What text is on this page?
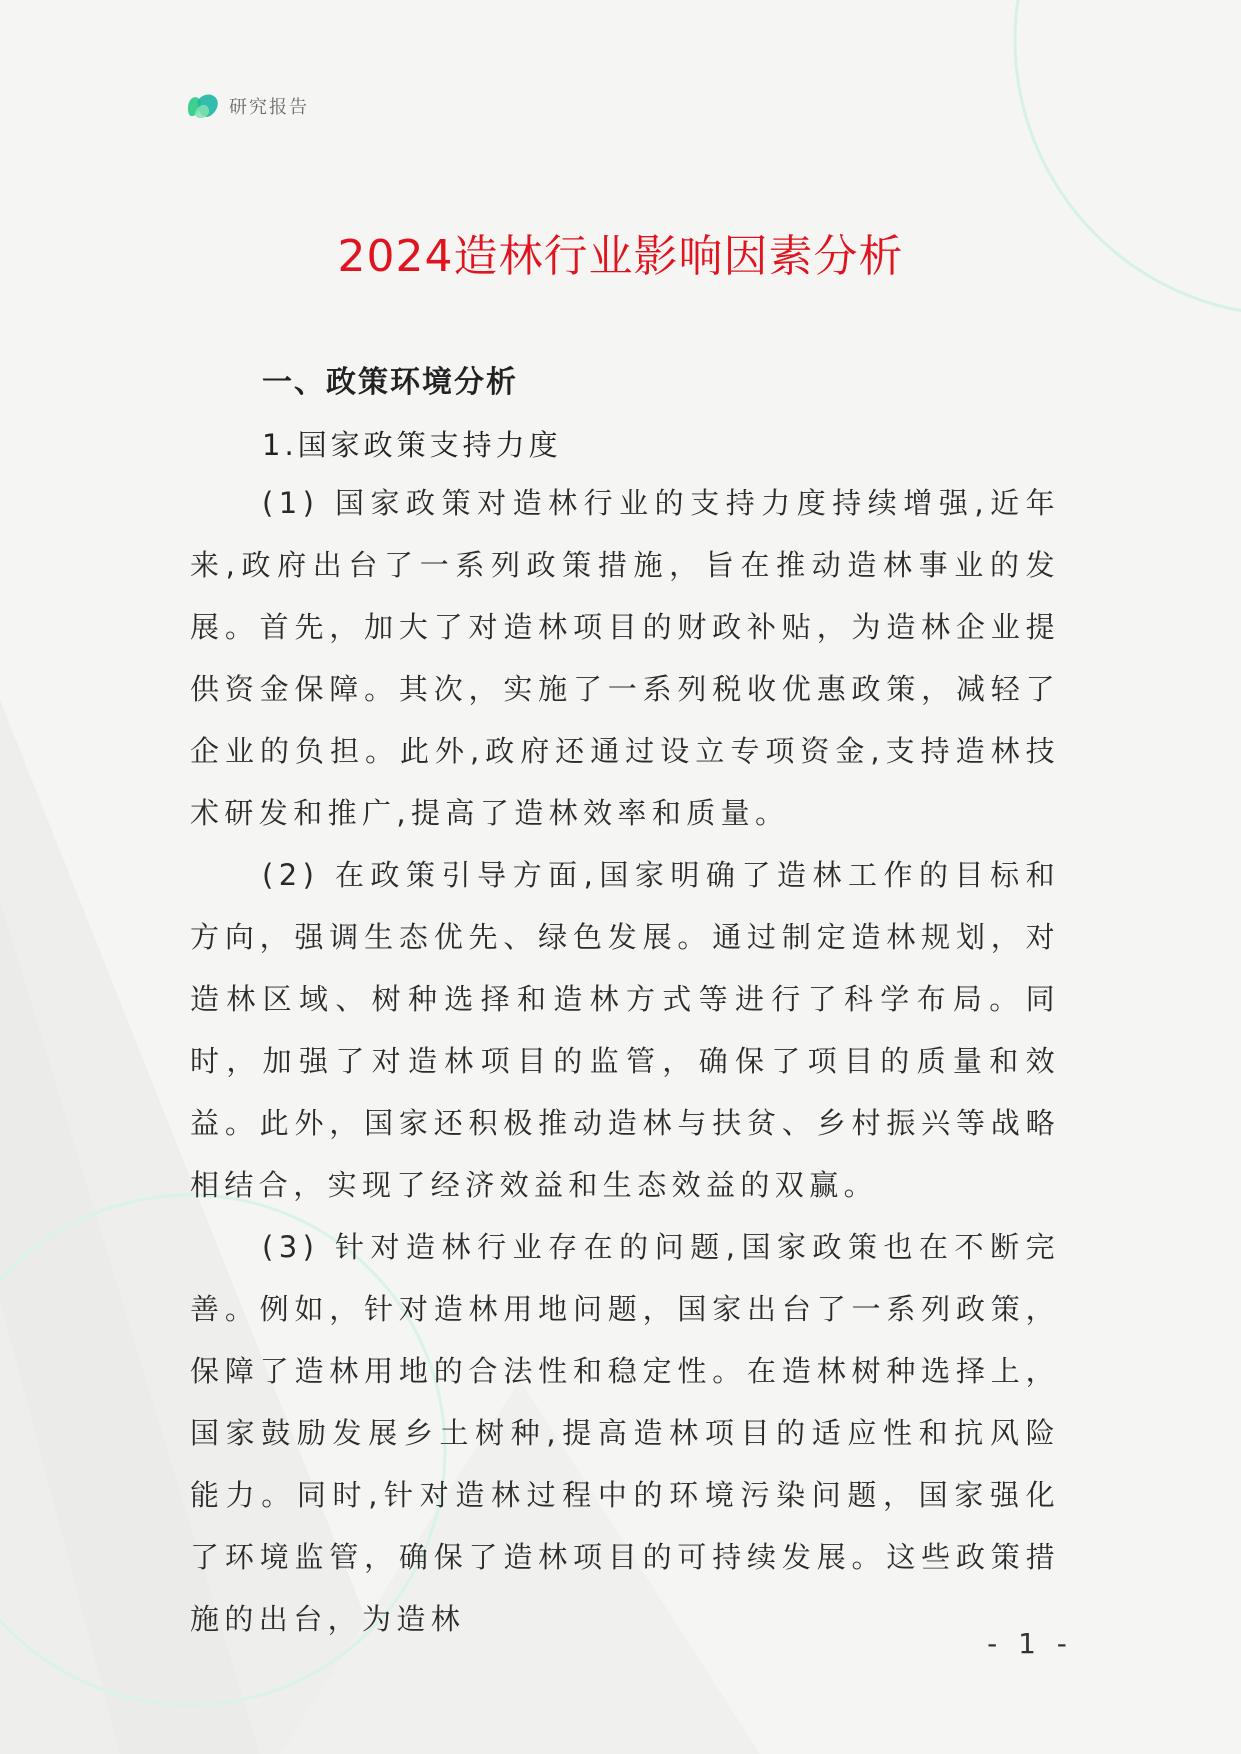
研究报告
2024造林行业影响因素分析
一、政策环境分析
1.国家政策支持力度

(1) 国家政策对造林行业的支持力度持续增强,近年来,政府出台了一系列政策措施，旨在推动造林事业的发展。首先，加大了对造林项目的财政补贴，为造林企业提供资金保障。其次，实施了一系列税收优惠政策，减轻了企业的负担。此外,政府还通过设立专项资金,支持造林技术研发和推广,提高了造林效率和质量。

(2) 在政策引导方面,国家明确了造林工作的目标和方向，强调生态优先、绿色发展。通过制定造林规划，对造林区域、树种选择和造林方式等进行了科学布局。同时，加强了对造林项目的监管，确保了项目的质量和效益。此外，国家还积极推动造林与扶贫、乡村振兴等战略相结合，实现了经济效益和生态效益的双赢。

(3) 针对造林行业存在的问题,国家政策也在不断完善。例如，针对造林用地问题，国家出台了一系列政策，保障了造林用地的合法性和稳定性。在造林树种选择上，国家鼓励发展乡土树种,提高造林项目的适应性和抗风险能力。同时,针对造林过程中的环境污染问题，国家强化了环境监管，确保了造林项目的可持续发展。这些政策措施的出台，为造林

- 1 -
